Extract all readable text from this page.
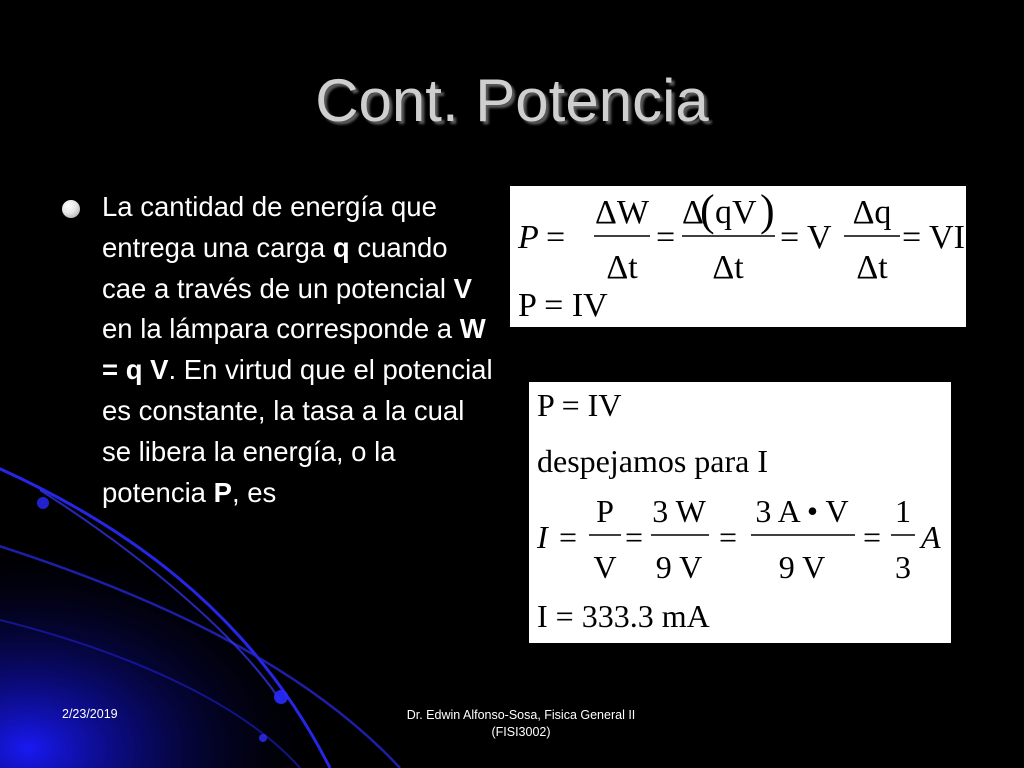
Cont. Potencia
La cantidad de energía que entrega una carga q cuando cae a través de un potencial V en la lámpara corresponde a W = q V. En virtud que el potencial es constante, la tasa a la cual se libera la energía, o la potencia P, es
P =
ΔW
Δt
=
Δ
( qV )
Δt
= V
Δq
Δt
= VI
P = IV
P = IV
despejamos para I
I =
P
V
=
3 W
9 V
=
3 A • V
9 V
=
1
3
A
I = 333.3 mA
2/23/2019	Dr. Edwin Alfonso-Sosa, Fisica General II (FISI3002)
